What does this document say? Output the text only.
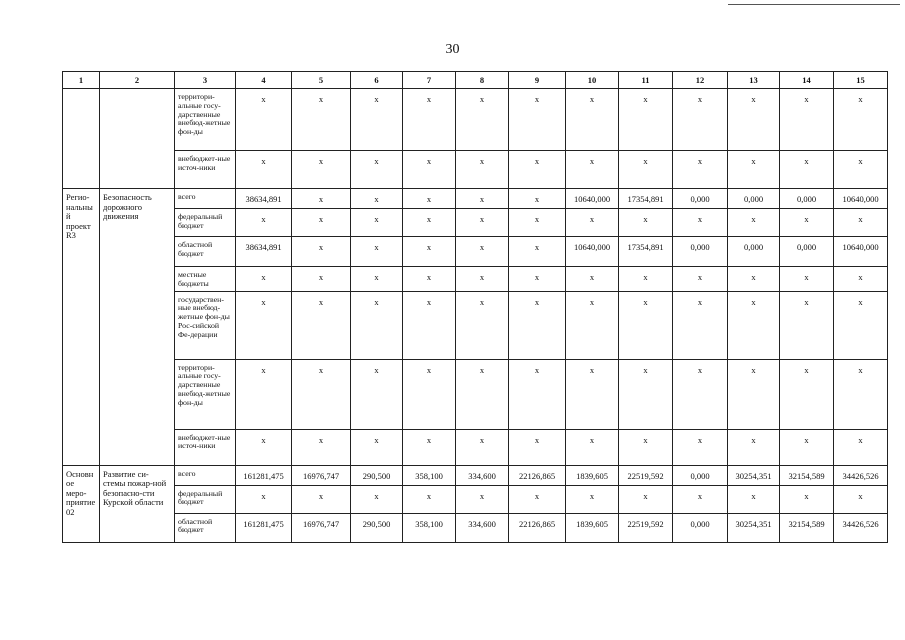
30
1	2	3	4	5	6	7	8	9	10	11	12	13	14	15
		территори-альные госу-дарственные внебюд-жетные фон-ды	x	x	x	x	x	x	x	x	x	x	x	x
		внебюджет-ные источ-ники	x	x	x	x	x	x	x	x	x	x	x	x
Регио-нальный проект R3	Безопасность дорожного движения	всего	38634,891	x	x	x	x	x	10640,000	17354,891	0,000	0,000	0,000	10640,000
		федеральный бюджет	x	x	x	x	x	x	x	x	x	x	x	x
		областной бюджет	38634,891	x	x	x	x	x	10640,000	17354,891	0,000	0,000	0,000	10640,000
		местные бюджеты	x	x	x	x	x	x	x	x	x	x	x	x
		государствен-ные внебюд-жетные фон-ды Рос-сийской Фе-дерации	x	x	x	x	x	x	x	x	x	x	x	x
		территори-альные госу-дарственные внебюд-жетные фон-ды	x	x	x	x	x	x	x	x	x	x	x	x
		внебюджет-ные источ-ники	x	x	x	x	x	x	x	x	x	x	x	x
Основное меро-приятие 02	Развитие си-стемы пожар-ной безопасно-сти Курской области	всего	161281,475	16976,747	290,500	358,100	334,600	22126,865	1839,605	22519,592	0,000	30254,351	32154,589	34426,526
		федеральный бюджет	x	x	x	x	x	x	x	x	x	x	x	x
		областной бюджет	161281,475	16976,747	290,500	358,100	334,600	22126,865	1839,605	22519,592	0,000	30254,351	32154,589	34426,526
